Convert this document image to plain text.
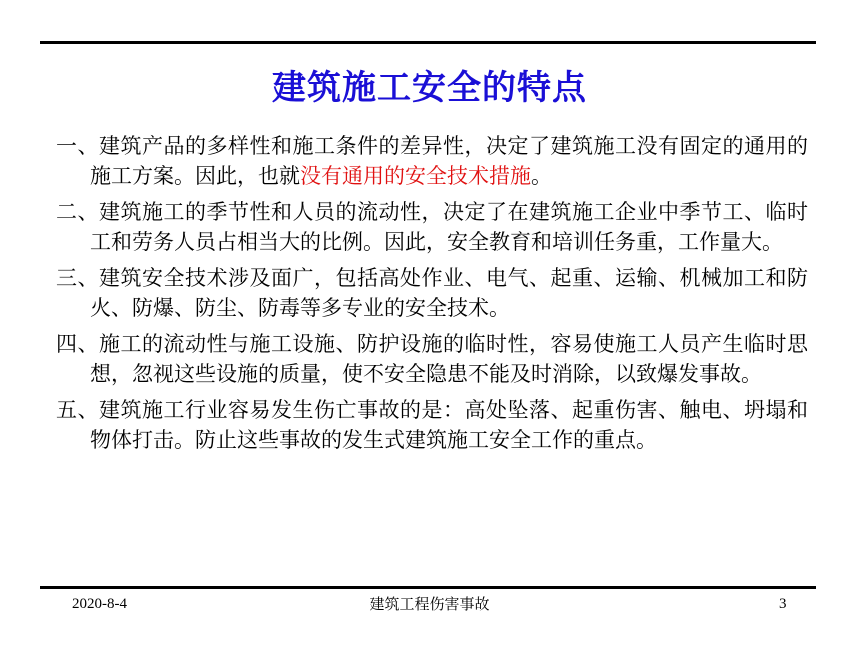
建筑施工安全的特点
一、建筑产品的多样性和施工条件的差异性，决定了建筑施工没有固定的通用的施工方案。因此，也就没有通用的安全技术措施。
二、建筑施工的季节性和人员的流动性，决定了在建筑施工企业中季节工、临时工和劳务人员占相当大的比例。因此，安全教育和培训任务重，工作量大。
三、建筑安全技术涉及面广，包括高处作业、电气、起重、运输、机械加工和防火、防爆、防尘、防毒等多专业的安全技术。
四、施工的流动性与施工设施、防护设施的临时性，容易使施工人员产生临时思想，忽视这些设施的质量，使不安全隐患不能及时消除，以致爆发事故。
五、建筑施工行业容易发生伤亡事故的是：高处坠落、起重伤害、触电、坍塌和物体打击。防止这些事故的发生式建筑施工安全工作的重点。
2020-8-4	建筑工程伤害事故	3
